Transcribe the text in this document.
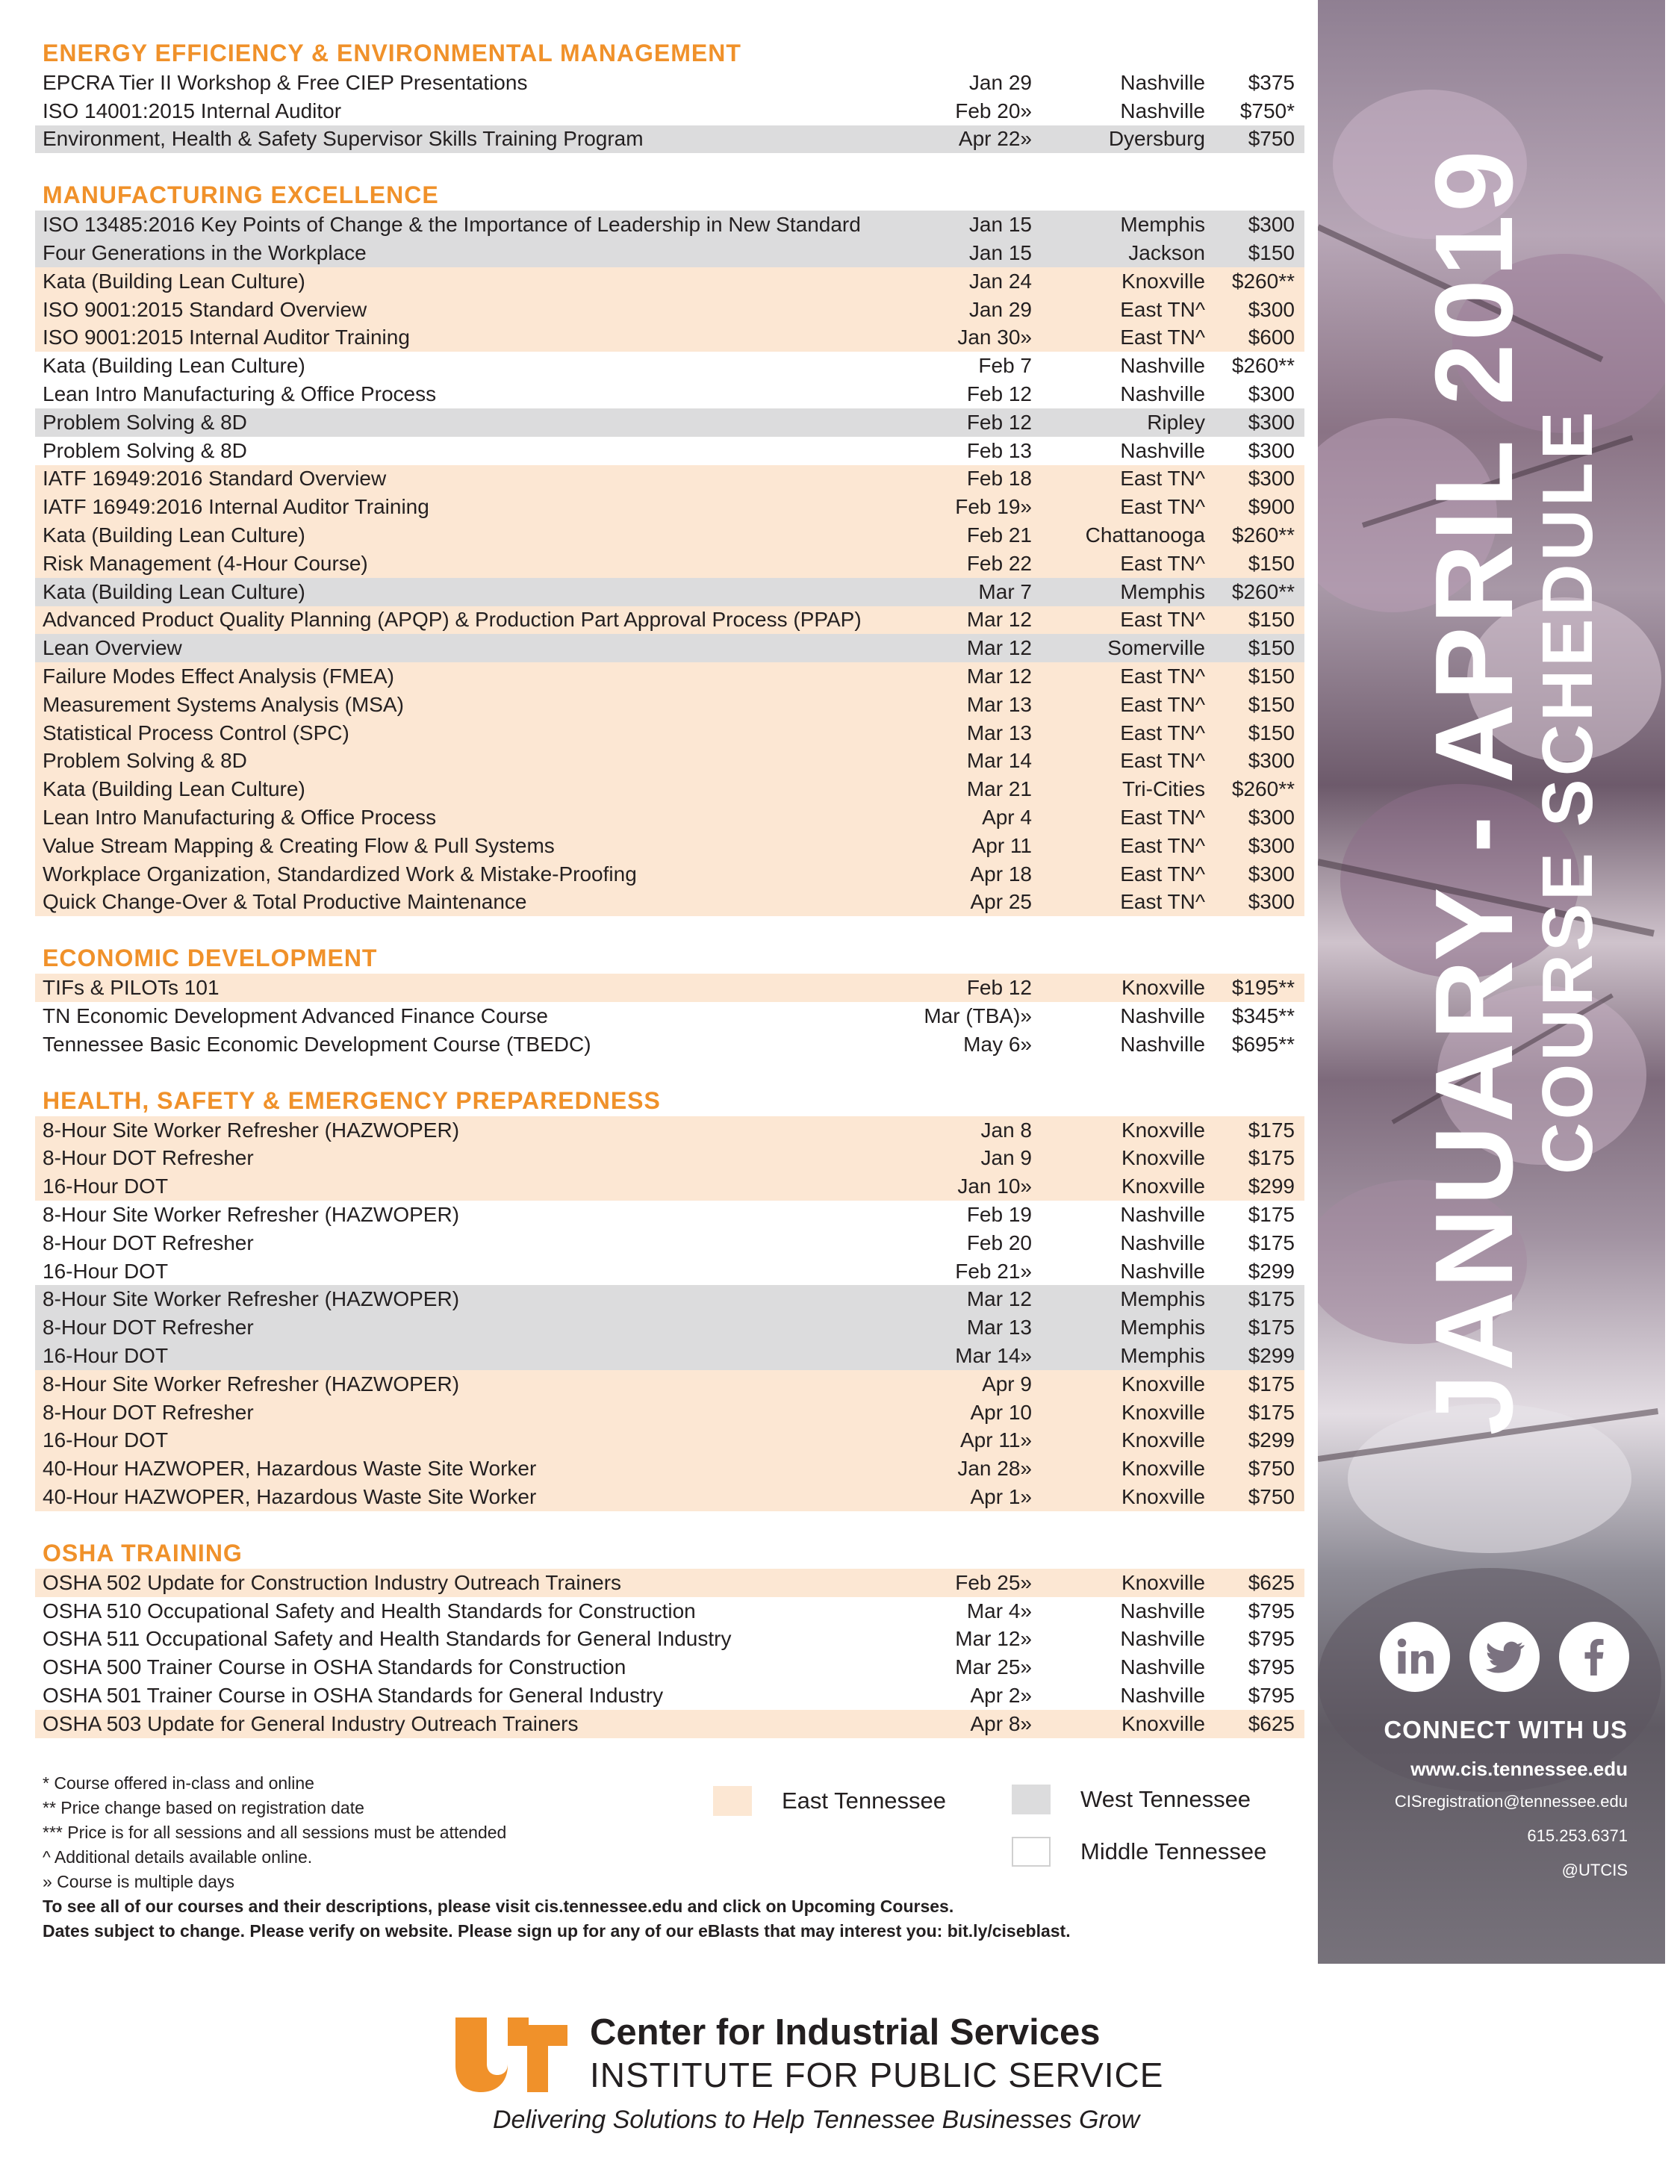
ENERGY EFFICIENCY & ENVIRONMENTAL MANAGEMENT
EPCRA Tier II Workshop & Free CIEP Presentations	Jan 29	Nashville	$375
ISO 14001:2015 Internal Auditor	Feb 20»	Nashville	$750*
Environment, Health & Safety Supervisor Skills Training Program	Apr 22»	Dyersburg	$750
MANUFACTURING EXCELLENCE
ISO 13485:2016 Key Points of Change & the Importance of Leadership in New Standard	Jan 15	Memphis	$300
Four Generations in the Workplace	Jan 15	Jackson	$150
Kata (Building Lean Culture)	Jan 24	Knoxville	$260**
ISO 9001:2015 Standard Overview	Jan 29	East TN^	$300
ISO 9001:2015 Internal Auditor Training	Jan 30»	East TN^	$600
Kata (Building Lean Culture)	Feb 7	Nashville	$260**
Lean Intro Manufacturing & Office Process	Feb 12	Nashville	$300
Problem Solving & 8D	Feb 12	Ripley	$300
Problem Solving & 8D	Feb 13	Nashville	$300
IATF 16949:2016 Standard Overview	Feb 18	East TN^	$300
IATF 16949:2016 Internal Auditor Training	Feb 19»	East TN^	$900
Kata (Building Lean Culture)	Feb 21	Chattanooga	$260**
Risk Management (4-Hour Course)	Feb 22	East TN^	$150
Kata (Building Lean Culture)	Mar 7	Memphis	$260**
Advanced Product Quality Planning (APQP) & Production Part Approval Process (PPAP)	Mar 12	East TN^	$150
Lean Overview	Mar 12	Somerville	$150
Failure Modes Effect Analysis (FMEA)	Mar 12	East TN^	$150
Measurement Systems Analysis (MSA)	Mar 13	East TN^	$150
Statistical Process Control (SPC)	Mar 13	East TN^	$150
Problem Solving & 8D	Mar 14	East TN^	$300
Kata (Building Lean Culture)	Mar 21	Tri-Cities	$260**
Lean Intro Manufacturing & Office Process	Apr 4	East TN^	$300
Value Stream Mapping & Creating Flow & Pull Systems	Apr 11	East TN^	$300
Workplace Organization, Standardized Work & Mistake-Proofing	Apr 18	East TN^	$300
Quick Change-Over & Total Productive Maintenance	Apr 25	East TN^	$300
ECONOMIC DEVELOPMENT
TIFs & PILOTs 101	Feb 12	Knoxville	$195**
TN Economic Development Advanced Finance Course	Mar (TBA)»	Nashville	$345**
Tennessee Basic Economic Development Course (TBEDC)	May 6»	Nashville	$695**
HEALTH, SAFETY & EMERGENCY PREPAREDNESS
8-Hour Site Worker Refresher (HAZWOPER)	Jan 8	Knoxville	$175
8-Hour DOT Refresher	Jan 9	Knoxville	$175
16-Hour DOT	Jan 10»	Knoxville	$299
8-Hour Site Worker Refresher (HAZWOPER)	Feb 19	Nashville	$175
8-Hour DOT Refresher	Feb 20	Nashville	$175
16-Hour DOT	Feb 21»	Nashville	$299
8-Hour Site Worker Refresher (HAZWOPER)	Mar 12	Memphis	$175
8-Hour DOT Refresher	Mar 13	Memphis	$175
16-Hour DOT	Mar 14»	Memphis	$299
8-Hour Site Worker Refresher (HAZWOPER)	Apr 9	Knoxville	$175
8-Hour DOT Refresher	Apr 10	Knoxville	$175
16-Hour DOT	Apr 11»	Knoxville	$299
40-Hour HAZWOPER, Hazardous Waste Site Worker	Jan 28»	Knoxville	$750
40-Hour HAZWOPER, Hazardous Waste Site Worker	Apr 1»	Knoxville	$750
OSHA TRAINING
OSHA 502 Update for Construction Industry Outreach Trainers	Feb 25»	Knoxville	$625
OSHA 510 Occupational Safety and Health Standards for Construction	Mar 4»	Nashville	$795
OSHA 511 Occupational Safety and Health Standards for General Industry	Mar 12»	Nashville	$795
OSHA 500 Trainer Course in OSHA Standards for Construction	Mar 25»	Nashville	$795
OSHA 501 Trainer Course in OSHA Standards for General Industry	Apr 2»	Nashville	$795
OSHA 503 Update for General Industry Outreach Trainers	Apr 8»	Knoxville	$625
* Course offered in-class and online
** Price change based on registration date
*** Price is for all sessions and all sessions must be attended
^ Additional details available online.
» Course is multiple days
To see all of our courses and their descriptions, please visit cis.tennessee.edu and click on Upcoming Courses.
Dates subject to change. Please verify on website. Please sign up for any of our eBlasts that may interest you: bit.ly/ciseblast.
East Tennessee	West Tennessee
Middle Tennessee
JANUARY - APRIL 2019
COURSE SCHEDULE
CONNECT WITH US
www.cis.tennessee.edu
CISregistration@tennessee.edu
615.253.6371
@UTCIS
Center for Industrial Services
INSTITUTE FOR PUBLIC SERVICE
Delivering Solutions to Help Tennessee Businesses Grow
